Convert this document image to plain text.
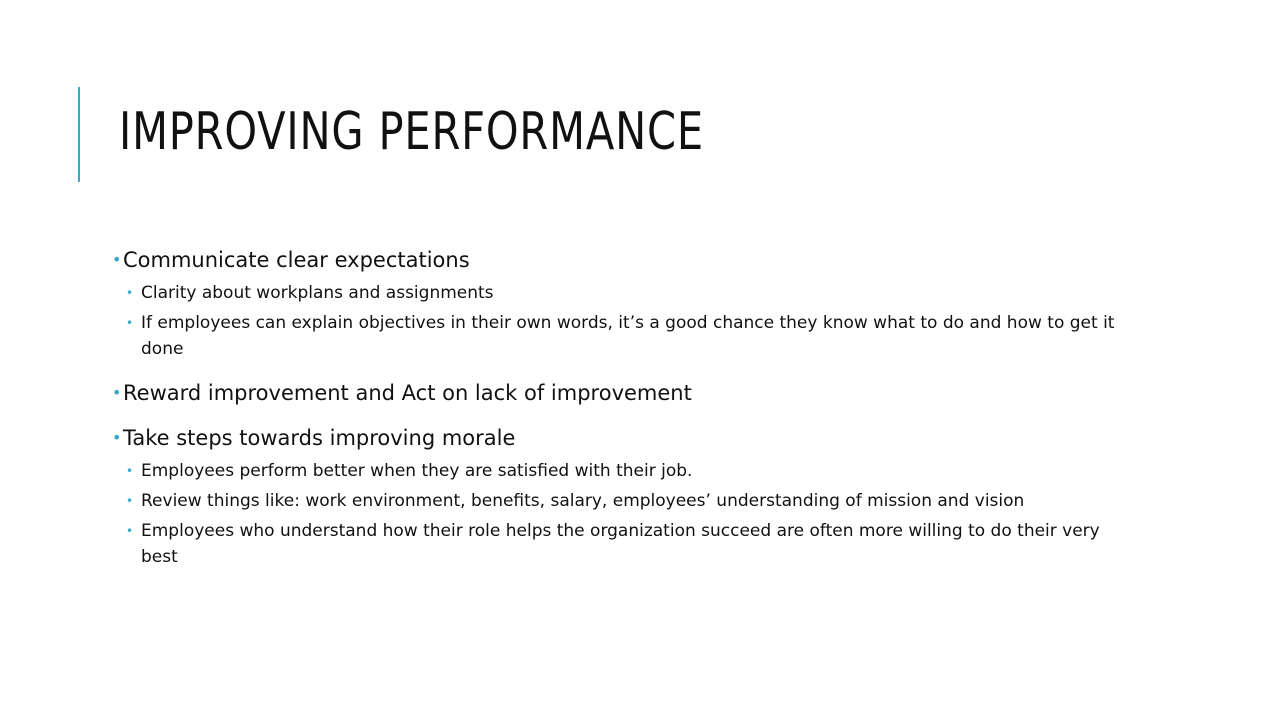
IMPROVING PERFORMANCE
• Communicate clear expectations
• Clarity about workplans and assignments
• If employees can explain objectives in their own words, it’s a good chance they know what to do and how to get it done
• Reward improvement and Act on lack of improvement
• Take steps towards improving morale
• Employees perform better when they are satisfied with their job.
• Review things like: work environment, benefits, salary, employees’ understanding of mission and vision
• Employees who understand how their role helps the organization succeed are often more willing to do their very best
